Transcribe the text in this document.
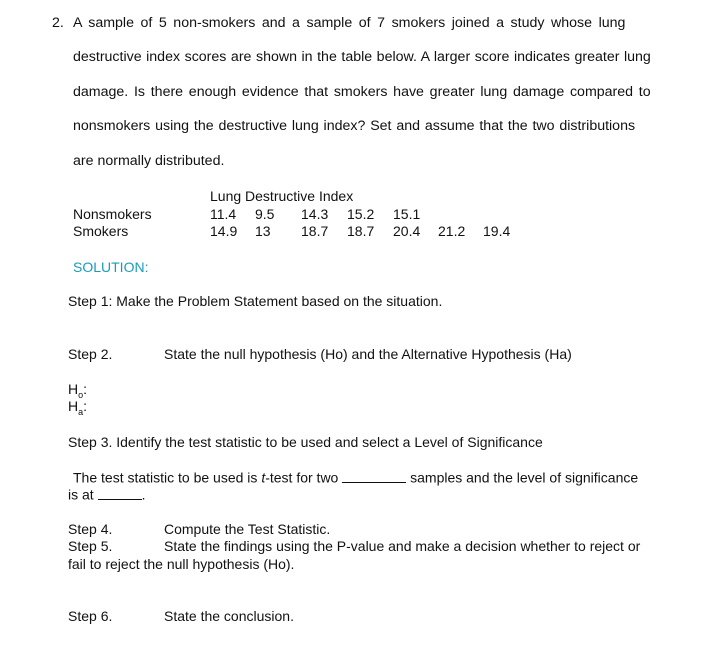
2. A sample of 5 non-smokers and a sample of 7 smokers joined a study whose lung
destructive index scores are shown in the table below. A larger score indicates greater lung
damage. Is there enough evidence that smokers have greater lung damage compared to
nonsmokers using the destructive lung index? Set and assume that the two distributions
are normally distributed.
Lung Destructive Index
Nonsmokers	11.4 9.5 14.3 15.2 15.1
Smokers	14.9 13 18.7 18.7 20.4 21.2 19.4
SOLUTION:
Step 1: Make the Problem Statement based on the situation.
Step 2.	State the null hypothesis (Ho) and the Alternative Hypothesis (Ha)
$H_o$:
$H_a$:
Step 3. Identify the test statistic to be used and select a Level of Significance
The test statistic to be used is t-test for two	samples and the level of significance
is at	.
Step 4.	Compute the Test Statistic.
Step 5.	State the findings using the P-value and make a decision whether to reject or
fail to reject the null hypothesis (Ho).
Step 6.	State the conclusion.
